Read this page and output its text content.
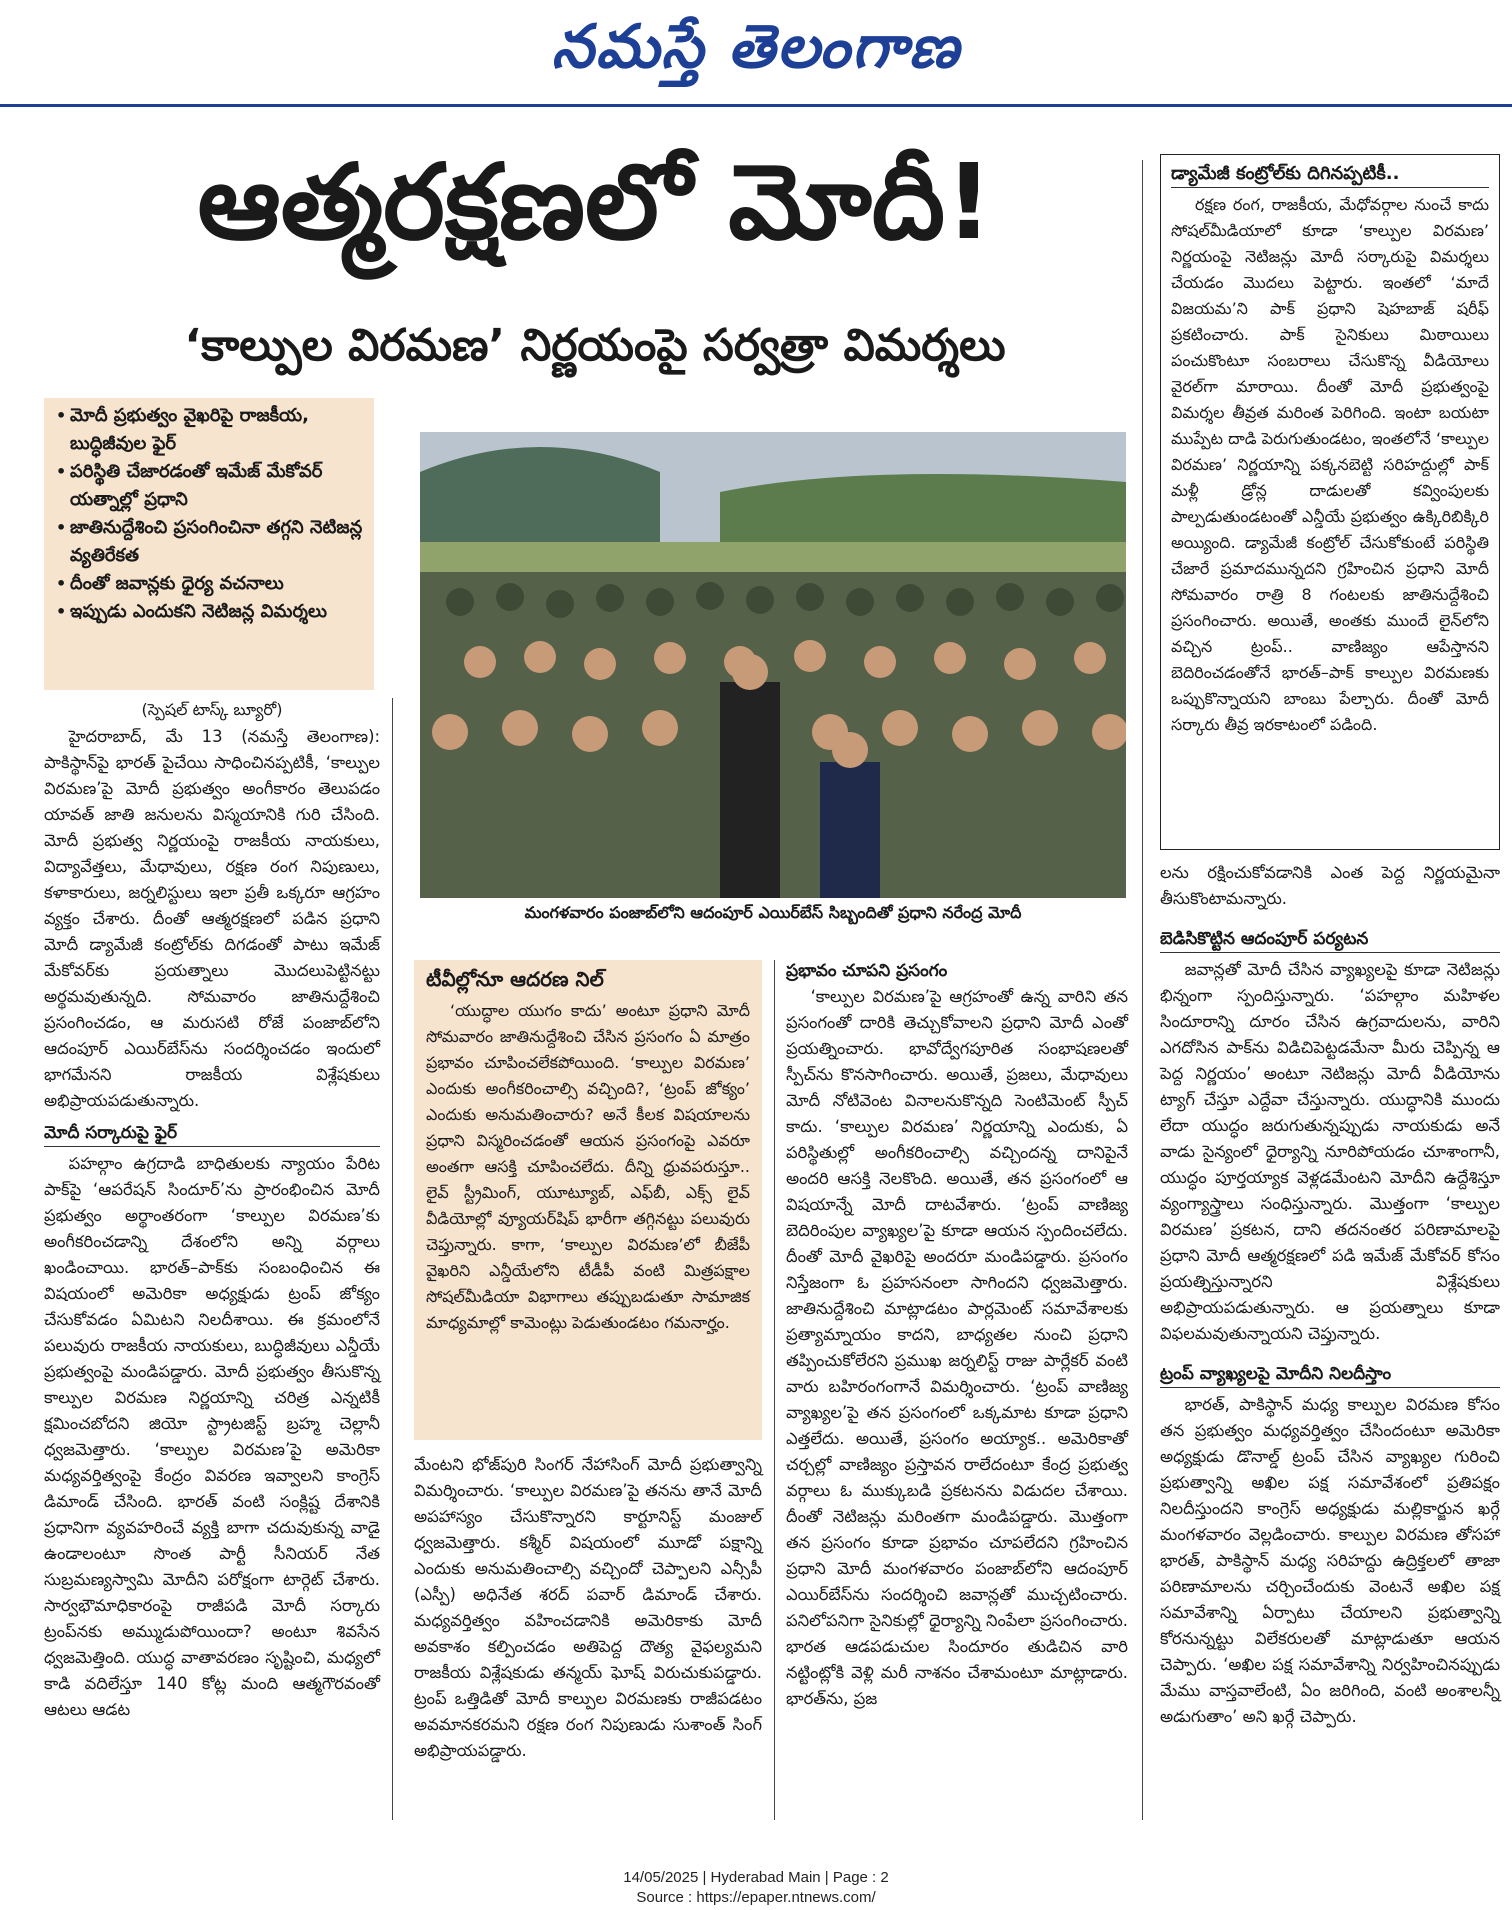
నమస్తే తెలంగాణ
ఆత్మరక్షణలో మోదీ!
‘కాల్పుల విరమణ’ నిర్ణయంపై సర్వత్రా విమర్శలు
• మోదీ ప్రభుత్వం వైఖరిపై రాజకీయ, బుద్ధిజీవుల ఫైర్
• పరిస్థితి చేజారడంతో ఇమేజ్ మేకోవర్ యత్నాల్లో ప్రధాని
• జాతినుద్దేశించి ప్రసంగించినా తగ్గని నెటిజన్ల వ్యతిరేకత
• దీంతో జవాన్లకు ధైర్య వచనాలు
• ఇప్పుడు ఎందుకని నెటిజన్ల విమర్శలు
మంగళవారం పంజాబ్‌లోని ఆదంపూర్ ఎయిర్‌బేస్ సిబ్బందితో ప్రధాని నరేంద్ర మోదీ
(స్పెషల్ టాస్క్ బ్యూరో)

హైదరాబాద్, మే 13 (నమస్తే తెలంగాణ): పాకిస్థాన్‌పై భారత్ పైచేయి సాధించినప్పటికీ, ‘కాల్పుల విరమణ’పై మోదీ ప్రభుత్వం అంగీకారం తెలుపడం యావత్ జాతి జనులను విస్మయానికి గురి చేసింది. మోదీ ప్రభుత్వ నిర్ణయంపై రాజకీయ నాయకులు, విద్యావేత్తలు, మేధావులు, రక్షణ రంగ నిపుణులు, కళాకారులు, జర్నలిస్టులు ఇలా ప్రతీ ఒక్కరూ ఆగ్రహం వ్యక్తం చేశారు. దీంతో ఆత్మరక్షణలో పడిన ప్రధాని మోదీ డ్యామేజీ కంట్రోల్‌కు దిగడంతో పాటు ఇమేజ్ మేకోవర్‌కు ప్రయత్నాలు మొదలుపెట్టినట్టు అర్థమవుతున్నది. సోమవారం జాతినుద్దేశించి ప్రసంగించడం, ఆ మరుసటి రోజే పంజాబ్‌లోని ఆదంపూర్ ఎయిర్‌బేస్‌ను సందర్శించడం ఇందులో భాగమేనని రాజకీయ విశ్లేషకులు అభిప్రాయపడుతున్నారు.

మోదీ సర్కారుపై ఫైర్

పహల్గాం ఉగ్రదాడి బాధితులకు న్యాయం పేరిట పాక్‌పై ‘ఆపరేషన్ సిందూర్’ను ప్రారంభించిన మోదీ ప్రభుత్వం అర్థాంతరంగా ‘కాల్పుల విరమణ’కు అంగీకరించడాన్ని దేశంలోని అన్ని వర్గాలు ఖండించాయి. భారత్–పాక్‌కు సంబంధించిన ఈ విషయంలో అమెరికా అధ్యక్షుడు ట్రంప్ జోక్యం చేసుకోవడం ఏమిటని నిలదీశాయి. ఈ క్రమంలోనే పలువురు రాజకీయ నాయకులు, బుద్ధిజీవులు ఎన్డీయే ప్రభుత్వంపై మండిపడ్డారు. మోదీ ప్రభుత్వం తీసుకొన్న కాల్పుల విరమణ నిర్ణయాన్ని చరిత్ర ఎన్నటికీ క్షమించబోదని జియో స్ట్రాటజిస్ట్ బ్రహ్మ చెల్లానీ ధ్వజమెత్తారు. ‘కాల్పుల విరమణ’పై అమెరికా మధ్యవర్తిత్వంపై కేంద్రం వివరణ ఇవ్వాలని కాంగ్రెస్ డిమాండ్ చేసింది. భారత్ వంటి సంక్లిష్ట దేశానికి ప్రధానిగా వ్యవహరించే వ్యక్తి బాగా చదువుకున్న వాడై ఉండాలంటూ సొంత పార్టీ సీనియర్ నేత సుబ్రమణ్యస్వామి మోదీని పరోక్షంగా టార్గెట్ చేశారు. సార్వభౌమాధికారంపై రాజీపడి మోదీ సర్కారు ట్రంప్‌నకు అమ్ముడుపోయిందా? అంటూ శివసేన ధ్వజమెత్తింది. యుద్ధ వాతావరణం సృష్టించి, మధ్యలో కాడి వదిలేస్తూ 140 కోట్ల మంది ఆత్మగౌరవంతో ఆటలు ఆడట

టీవీల్లోనూ ఆదరణ నిల్

‘యుద్ధాల యుగం కాదు’ అంటూ ప్రధాని మోదీ సోమవారం జాతినుద్దేశించి చేసిన ప్రసంగం ఏ మాత్రం ప్రభావం చూపించలేకపోయింది. ‘కాల్పుల విరమణ’ ఎందుకు అంగీకరించాల్సి వచ్చింది?, ‘ట్రంప్ జోక్యం’ ఎందుకు అనుమతించారు? అనే కీలక విషయాలను ప్రధాని విస్మరించడంతో ఆయన ప్రసంగంపై ఎవరూ అంతగా ఆసక్తి చూపించలేదు. దీన్ని ధ్రువపరుస్తూ.. లైవ్ స్ట్రీమింగ్, యూట్యూబ్, ఎఫ్‌బీ, ఎక్స్ లైవ్ వీడియోల్లో వ్యూయర్‌షిప్ భారీగా తగ్గినట్టు పలువురు చెప్తున్నారు. కాగా, ‘కాల్పుల విరమణ’లో బీజేపీ వైఖరిని ఎన్డీయేలోని టీడీపీ వంటి మిత్రపక్షాల సోషల్‌మీడియా విభాగాలు తప్పుబడుతూ సామాజిక మాధ్యమాల్లో కామెంట్లు పెడుతుండటం గమనార్హం.

మేంటని భోజ్‌పురి సింగర్ నేహాసింగ్ మోదీ ప్రభుత్వాన్ని విమర్శించారు. ‘కాల్పుల విరమణ’పై తనను తానే మోదీ అపహాస్యం చేసుకొన్నారని కార్టూనిస్ట్ మంజుల్ ధ్వజమెత్తారు. కశ్మీర్ విషయంలో మూడో పక్షాన్ని ఎందుకు అనుమతించాల్సి వచ్చిందో చెప్పాలని ఎన్సీపీ (ఎస్పీ) అధినేత శరద్ పవార్ డిమాండ్ చేశారు. మధ్యవర్తిత్వం వహించడానికి అమెరికాకు మోదీ అవకాశం కల్పించడం అతిపెద్ద దౌత్య వైఫల్యమని రాజకీయ విశ్లేషకుడు తన్మయ్ ఘోష్ విరుచుకుపడ్డారు. ట్రంప్ ఒత్తిడితో మోదీ కాల్పుల విరమణకు రాజీపడటం అవమానకరమని రక్షణ రంగ నిపుణుడు సుశాంత్ సింగ్ అభిప్రాయపడ్డారు.

ప్రభావం చూపని ప్రసంగం

‘కాల్పుల విరమణ’పై ఆగ్రహంతో ఉన్న వారిని తన ప్రసంగంతో దారికి తెచ్చుకోవాలని ప్రధాని మోదీ ఎంతో ప్రయత్నించారు. భావోద్వేగపూరిత సంభాషణలతో స్పీచ్‌ను కొనసాగించారు. అయితే, ప్రజలు, మేధావులు మోదీ నోటివెంట వినాలనుకొన్నది సెంటిమెంట్ స్పీచ్ కాదు. ‘కాల్పుల విరమణ’ నిర్ణయాన్ని ఎందుకు, ఏ పరిస్థితుల్లో అంగీకరించాల్సి వచ్చిందన్న దానిపైనే అందరి ఆసక్తి నెలకొంది. అయితే, తన ప్రసంగంలో ఆ విషయాన్నే మోదీ దాటవేశారు. ‘ట్రంప్ వాణిజ్య బెదిరింపుల వ్యాఖ్యల’పై కూడా ఆయన స్పందించలేదు. దీంతో మోదీ వైఖరిపై అందరూ మండిపడ్డారు. ప్రసంగం నిస్తేజంగా ఓ ప్రహసనంలా సాగిందని ధ్వజమెత్తారు. జాతినుద్దేశించి మాట్లాడటం పార్లమెంట్ సమావేశాలకు ప్రత్యామ్నాయం కాదని, బాధ్యతల నుంచి ప్రధాని తప్పించుకోలేరని ప్రముఖ జర్నలిస్ట్ రాజు పార్లేకర్ వంటి వారు బహిరంగంగానే విమర్శించారు. ‘ట్రంప్ వాణిజ్య వ్యాఖ్యల’పై తన ప్రసంగంలో ఒక్కమాట కూడా ప్రధాని ఎత్తలేదు. అయితే, ప్రసంగం అయ్యాక.. అమెరికాతో చర్చల్లో వాణిజ్యం ప్రస్తావన రాలేదంటూ కేంద్ర ప్రభుత్వ వర్గాలు ఓ ముక్కుబడి ప్రకటనను విడుదల చేశాయి. దీంతో నెటిజన్లు మరింతగా మండిపడ్డారు. మొత్తంగా తన ప్రసంగం కూడా ప్రభావం చూపలేదని గ్రహించిన ప్రధాని మోదీ మంగళవారం పంజాబ్‌లోని ఆదంపూర్ ఎయిర్‌బేస్‌ను సందర్శించి జవాన్లతో ముచ్చటించారు. పనిలోపనిగా సైనికుల్లో ధైర్యాన్ని నింపేలా ప్రసంగించారు. భారత ఆడపడుచుల సిందూరం తుడిచిన వారి నట్టింట్లోకి వెళ్లి మరీ నాశనం చేశామంటూ మాట్లాడారు. భారత్‌ను, ప్రజ

డ్యామేజీ కంట్రోల్‌కు దిగినప్పటికీ..

రక్షణ రంగ, రాజకీయ, మేధోవర్గాల నుంచే కాదు సోషల్‌మీడియాలో కూడా ‘కాల్పుల విరమణ’ నిర్ణయంపై నెటిజన్లు మోదీ సర్కారుపై విమర్శలు చేయడం మొదలు పెట్టారు. ఇంతలో ‘మాదే విజయమ’ని పాక్ ప్రధాని షెహబాజ్ షరీఫ్ ప్రకటించారు. పాక్ సైనికులు మిఠాయిలు పంచుకొంటూ సంబరాలు చేసుకొన్న వీడియోలు వైరల్‌గా మారాయి. దీంతో మోదీ ప్రభుత్వంపై విమర్శల తీవ్రత మరింత పెరిగింది. ఇంటా బయటా ముప్పేట దాడి పెరుగుతుండటం, ఇంతలోనే ‘కాల్పుల విరమణ’ నిర్ణయాన్ని పక్కనబెట్టి సరిహద్దుల్లో పాక్ మళ్లీ డ్రోన్ల దాడులతో కవ్వింపులకు పాల్పడుతుండటంతో ఎన్డీయే ప్రభుత్వం ఉక్కిరిబిక్కిరి అయ్యింది. డ్యామేజీ కంట్రోల్ చేసుకోకుంటే పరిస్థితి చేజారే ప్రమాదమున్నదని గ్రహించిన ప్రధాని మోదీ సోమవారం రాత్రి 8 గంటలకు జాతినుద్దేశించి ప్రసంగించారు. అయితే, అంతకు ముందే లైన్‌లోని వచ్చిన ట్రంప్.. వాణిజ్యం ఆపేస్తానని బెదిరించడంతోనే భారత్–పాక్ కాల్పుల విరమణకు ఒప్పుకొన్నాయని బాంబు పేల్చారు. దీంతో మోదీ సర్కారు తీవ్ర ఇరకాటంలో పడింది.

లను రక్షించుకోవడానికి ఎంత పెద్ద నిర్ణయమైనా తీసుకొంటామన్నారు.

బెడిసికొట్టిన ఆదంపూర్ పర్యటన

జవాన్లతో మోదీ చేసిన వ్యాఖ్యలపై కూడా నెటిజన్లు భిన్నంగా స్పందిస్తున్నారు. ‘పహల్గాం మహిళల సిందూరాన్ని దూరం చేసిన ఉగ్రవాదులను, వారిని ఎగదోసిన పాక్‌ను విడిచిపెట్టడమేనా మీరు చెప్పిన్న ఆ పెద్ద నిర్ణయం’ అంటూ నెటిజన్లు మోదీ వీడియోను ట్యాగ్ చేస్తూ ఎద్దేవా చేస్తున్నారు. యుద్ధానికి ముందు లేదా యుద్ధం జరుగుతున్నప్పుడు నాయకుడు అనే వాడు సైన్యంలో ధైర్యాన్ని నూరిపోయడం చూశాంగానీ, యుద్ధం పూర్తయ్యాక వెళ్లడమేంటని మోదీని ఉద్దేశిస్తూ వ్యంగ్యాస్త్రాలు సంధిస్తున్నారు. మొత్తంగా ‘కాల్పుల విరమణ’ ప్రకటన, దాని తదనంతర పరిణామాలపై ప్రధాని మోదీ ఆత్మరక్షణలో పడి ఇమేజ్ మేకోవర్ కోసం ప్రయత్నిస్తున్నారని విశ్లేషకులు అభిప్రాయపడుతున్నారు. ఆ ప్రయత్నాలు కూడా విఫలమవుతున్నాయని చెప్తున్నారు.

ట్రంప్ వ్యాఖ్యలపై మోదీని నిలదీస్తాం

భారత్, పాకిస్థాన్ మధ్య కాల్పుల విరమణ కోసం తన ప్రభుత్వం మధ్యవర్తిత్వం చేసిందంటూ అమెరికా అధ్యక్షుడు డొనాల్డ్ ట్రంప్ చేసిన వ్యాఖ్యల గురించి ప్రభుత్వాన్ని అఖిల పక్ష సమావేశంలో ప్రతిపక్షం నిలదీస్తుందని కాంగ్రెస్ అధ్యక్షుడు మల్లికార్జున ఖర్గే మంగళవారం వెల్లడించారు. కాల్పుల విరమణ తోసహా భారత్, పాకిస్థాన్ మధ్య సరిహద్దు ఉద్రిక్తలలో తాజా పరిణామాలను చర్చించేందుకు వెంటనే అఖిల పక్ష సమావేశాన్ని ఏర్పాటు చేయాలని ప్రభుత్వాన్ని కోరనున్నట్టు విలేకరులతో మాట్లాడుతూ ఆయన చెప్పారు. ‘అఖిల పక్ష సమావేశాన్ని నిర్వహించినప్పుడు మేము వాస్తవాలేంటి, ఏం జరిగింది, వంటి అంశాలన్నీ అడుగుతాం’ అని ఖర్గే చెప్పారు.

14/05/2025 | Hyderabad Main | Page : 2
Source : https://epaper.ntnews.com/
